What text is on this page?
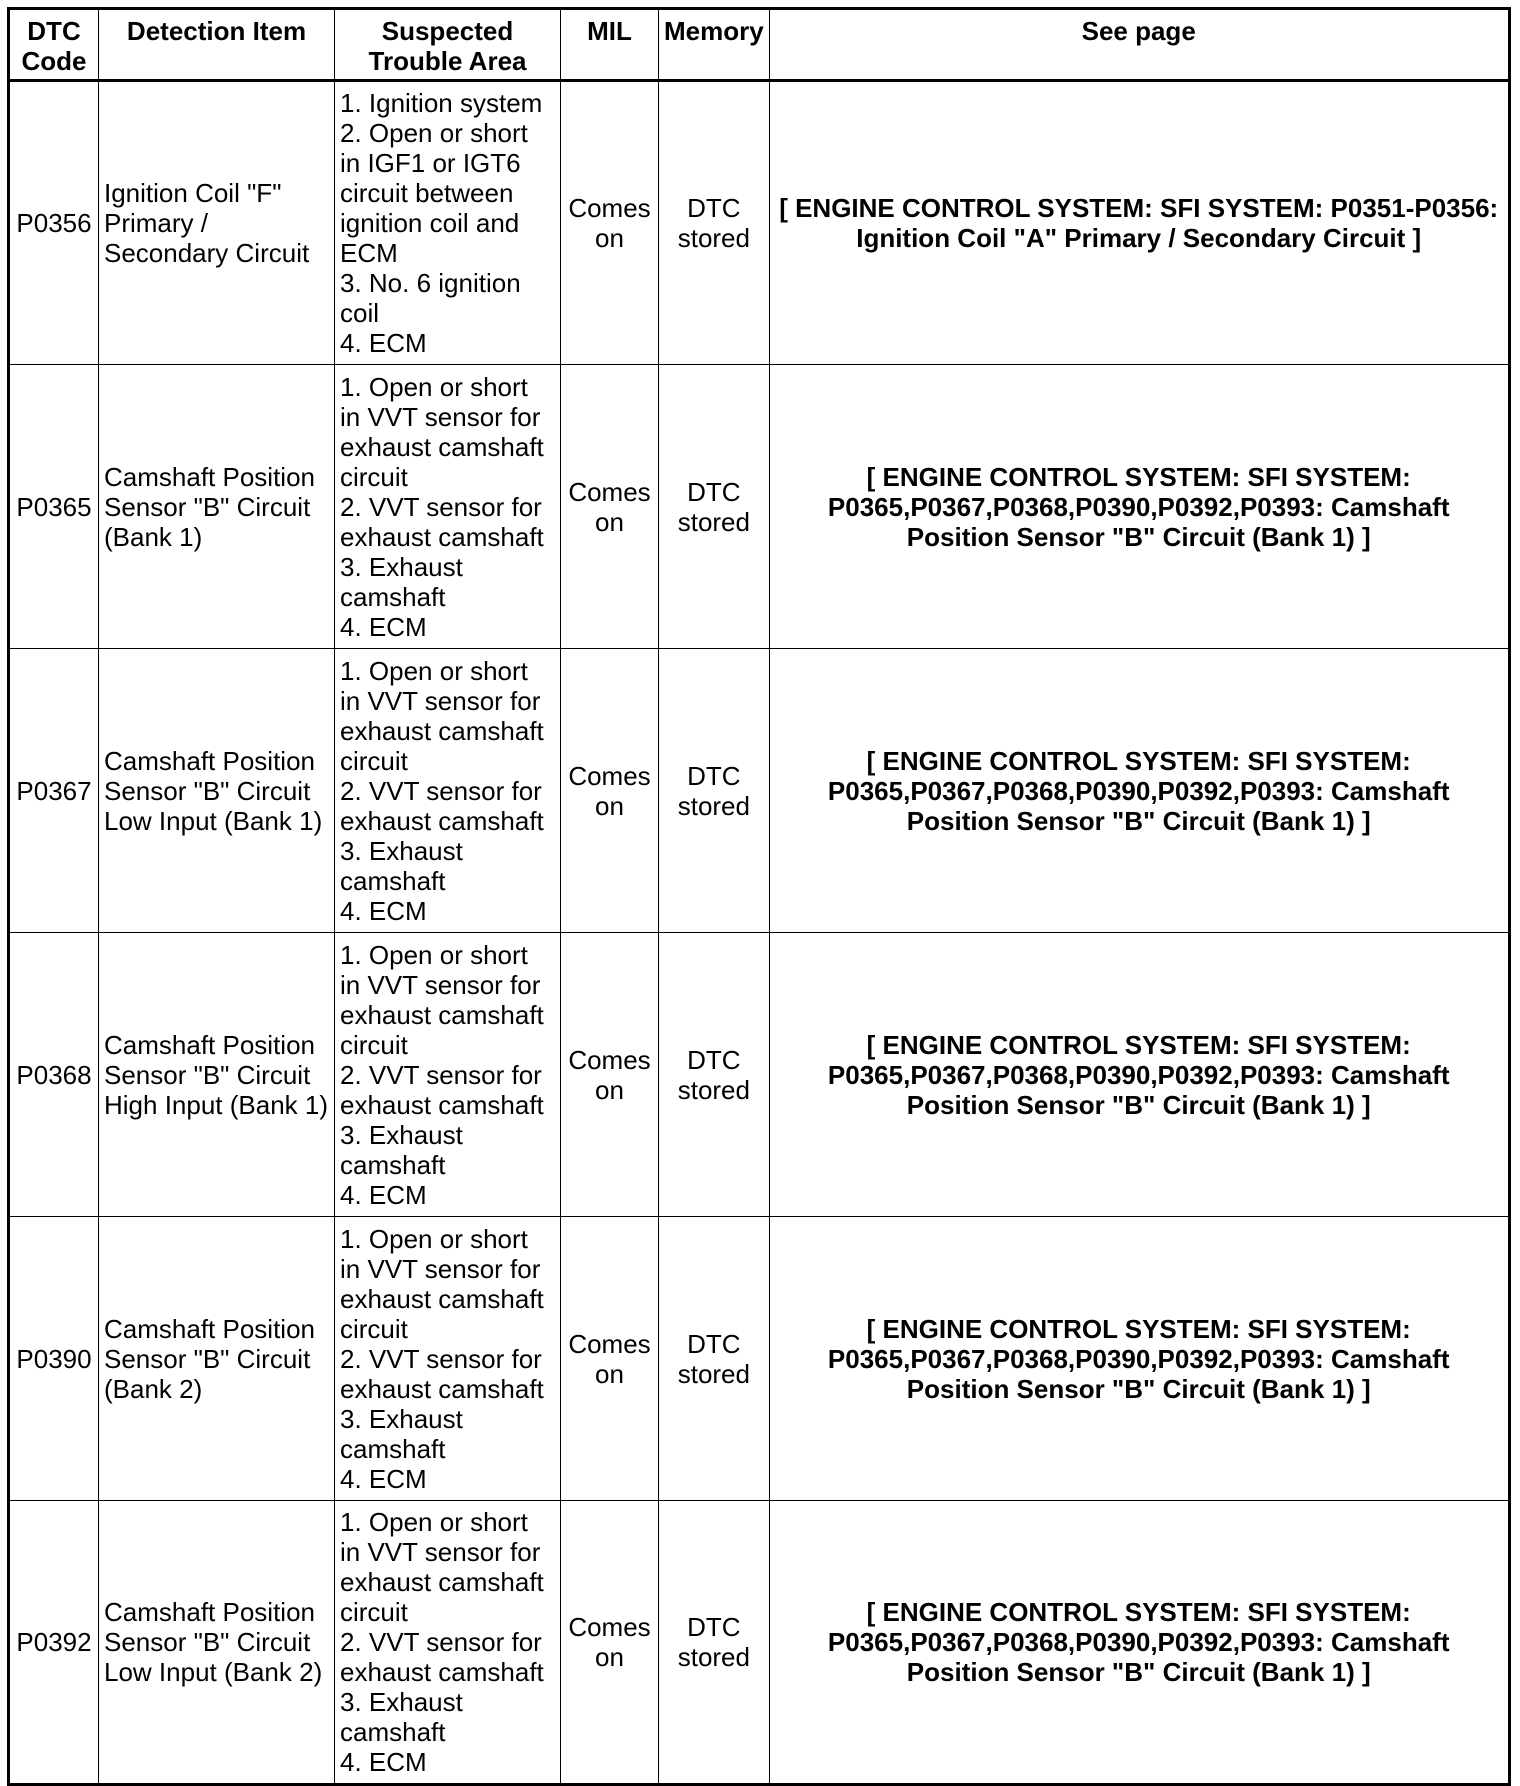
DTC Code	Detection Item	Suspected Trouble Area	MIL	Memory	See page
P0356	Ignition Coil "F" Primary / Secondary Circuit	1. Ignition system
2. Open or short in IGF1 or IGT6 circuit between ignition coil and ECM
3. No. 6 ignition coil
4. ECM	Comes on	DTC stored	[ ENGINE CONTROL SYSTEM: SFI SYSTEM: P0351-P0356: Ignition Coil "A" Primary / Secondary Circuit ]
P0365	Camshaft Position Sensor "B" Circuit (Bank 1)	1. Open or short in VVT sensor for exhaust camshaft circuit
2. VVT sensor for exhaust camshaft
3. Exhaust camshaft
4. ECM	Comes on	DTC stored	[ ENGINE CONTROL SYSTEM: SFI SYSTEM: P0365,P0367,P0368,P0390,P0392,P0393: Camshaft Position Sensor "B" Circuit (Bank 1) ]
P0367	Camshaft Position Sensor "B" Circuit Low Input (Bank 1)	1. Open or short in VVT sensor for exhaust camshaft circuit
2. VVT sensor for exhaust camshaft
3. Exhaust camshaft
4. ECM	Comes on	DTC stored	[ ENGINE CONTROL SYSTEM: SFI SYSTEM: P0365,P0367,P0368,P0390,P0392,P0393: Camshaft Position Sensor "B" Circuit (Bank 1) ]
P0368	Camshaft Position Sensor "B" Circuit High Input (Bank 1)	1. Open or short in VVT sensor for exhaust camshaft circuit
2. VVT sensor for exhaust camshaft
3. Exhaust camshaft
4. ECM	Comes on	DTC stored	[ ENGINE CONTROL SYSTEM: SFI SYSTEM: P0365,P0367,P0368,P0390,P0392,P0393: Camshaft Position Sensor "B" Circuit (Bank 1) ]
P0390	Camshaft Position Sensor "B" Circuit (Bank 2)	1. Open or short in VVT sensor for exhaust camshaft circuit
2. VVT sensor for exhaust camshaft
3. Exhaust camshaft
4. ECM	Comes on	DTC stored	[ ENGINE CONTROL SYSTEM: SFI SYSTEM: P0365,P0367,P0368,P0390,P0392,P0393: Camshaft Position Sensor "B" Circuit (Bank 1) ]
P0392	Camshaft Position Sensor "B" Circuit Low Input (Bank 2)	1. Open or short in VVT sensor for exhaust camshaft circuit
2. VVT sensor for exhaust camshaft
3. Exhaust camshaft
4. ECM	Comes on	DTC stored	[ ENGINE CONTROL SYSTEM: SFI SYSTEM: P0365,P0367,P0368,P0390,P0392,P0393: Camshaft Position Sensor "B" Circuit (Bank 1) ]
